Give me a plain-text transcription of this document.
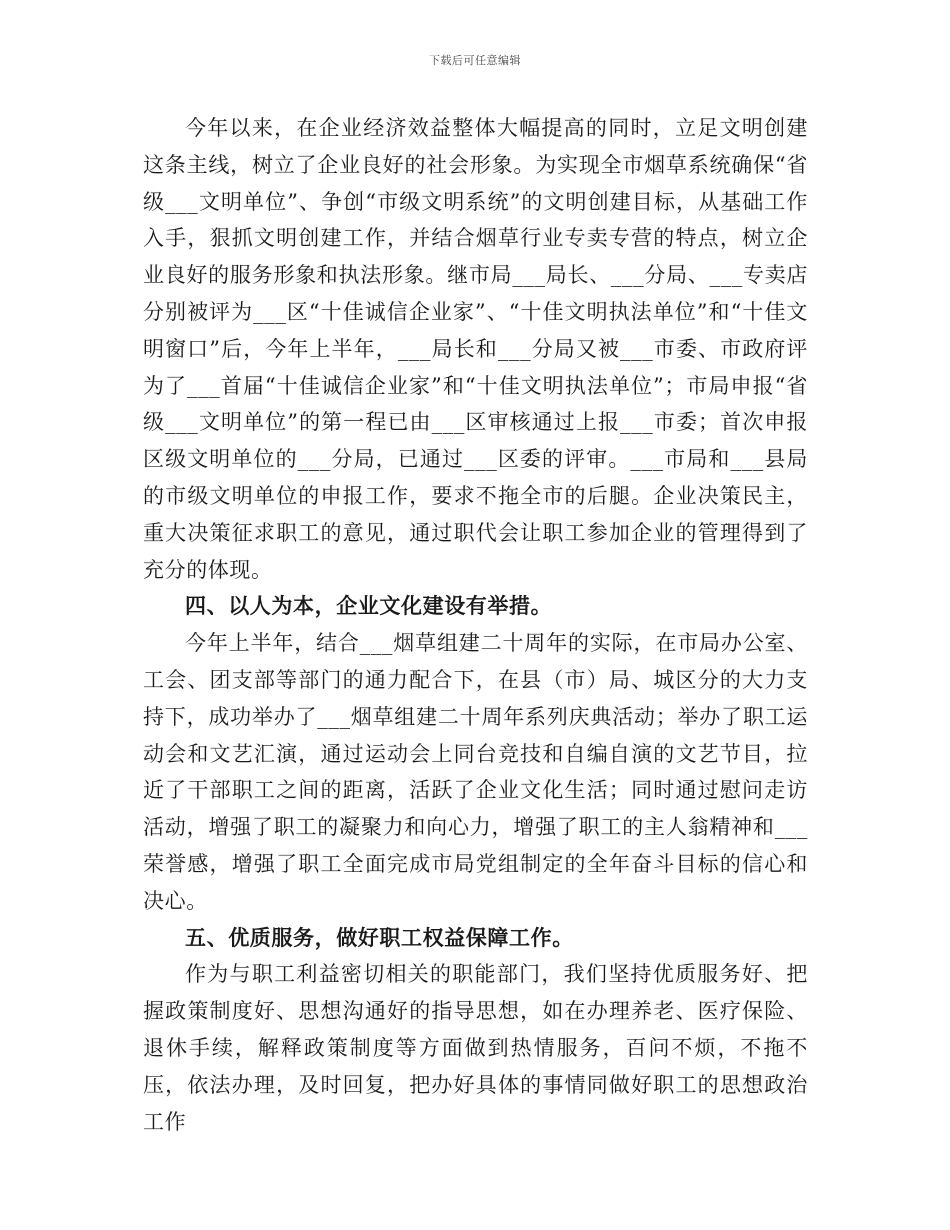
下载后可任意编辑

今年以来，在企业经济效益整体大幅提高的同时，立足文明创建这条主线，树立了企业良好的社会形象。为实现全市烟草系统确保“省级___文明单位”、争创“市级文明系统”的文明创建目标，从基础工作入手，狠抓文明创建工作，并结合烟草行业专卖专营的特点，树立企业良好的服务形象和执法形象。继市局___局长、___分局、___专卖店分别被评为___区“十佳诚信企业家”、“十佳文明执法单位”和“十佳文明窗口”后，今年上半年，___局长和___分局又被___市委、市政府评为了___首届“十佳诚信企业家”和“十佳文明执法单位”；市局申报“省级___文明单位”的第一程已由___区审核通过上报___市委；首次申报区级文明单位的___分局，已通过___区委的评审。___市局和___县局的市级文明单位的申报工作，要求不拖全市的后腿。企业决策民主，重大决策征求职工的意见，通过职代会让职工参加企业的管理得到了充分的体现。

四、以人为本，企业文化建设有举措。

今年上半年，结合___烟草组建二十周年的实际，在市局办公室、工会、团支部等部门的通力配合下，在县（市）局、城区分的大力支持下，成功举办了___烟草组建二十周年系列庆典活动；举办了职工运动会和文艺汇演，通过运动会上同台竞技和自编自演的文艺节目，拉近了干部职工之间的距离，活跃了企业文化生活；同时通过慰问走访活动，增强了职工的凝聚力和向心力，增强了职工的主人翁精神和___荣誉感，增强了职工全面完成市局党组制定的全年奋斗目标的信心和决心。

五、优质服务，做好职工权益保障工作。

作为与职工利益密切相关的职能部门，我们坚持优质服务好、把握政策制度好、思想沟通好的指导思想，如在办理养老、医疗保险、退休手续，解释政策制度等方面做到热情服务，百问不烦，不拖不压，依法办理，及时回复，把办好具体的事情同做好职工的思想政治工作
